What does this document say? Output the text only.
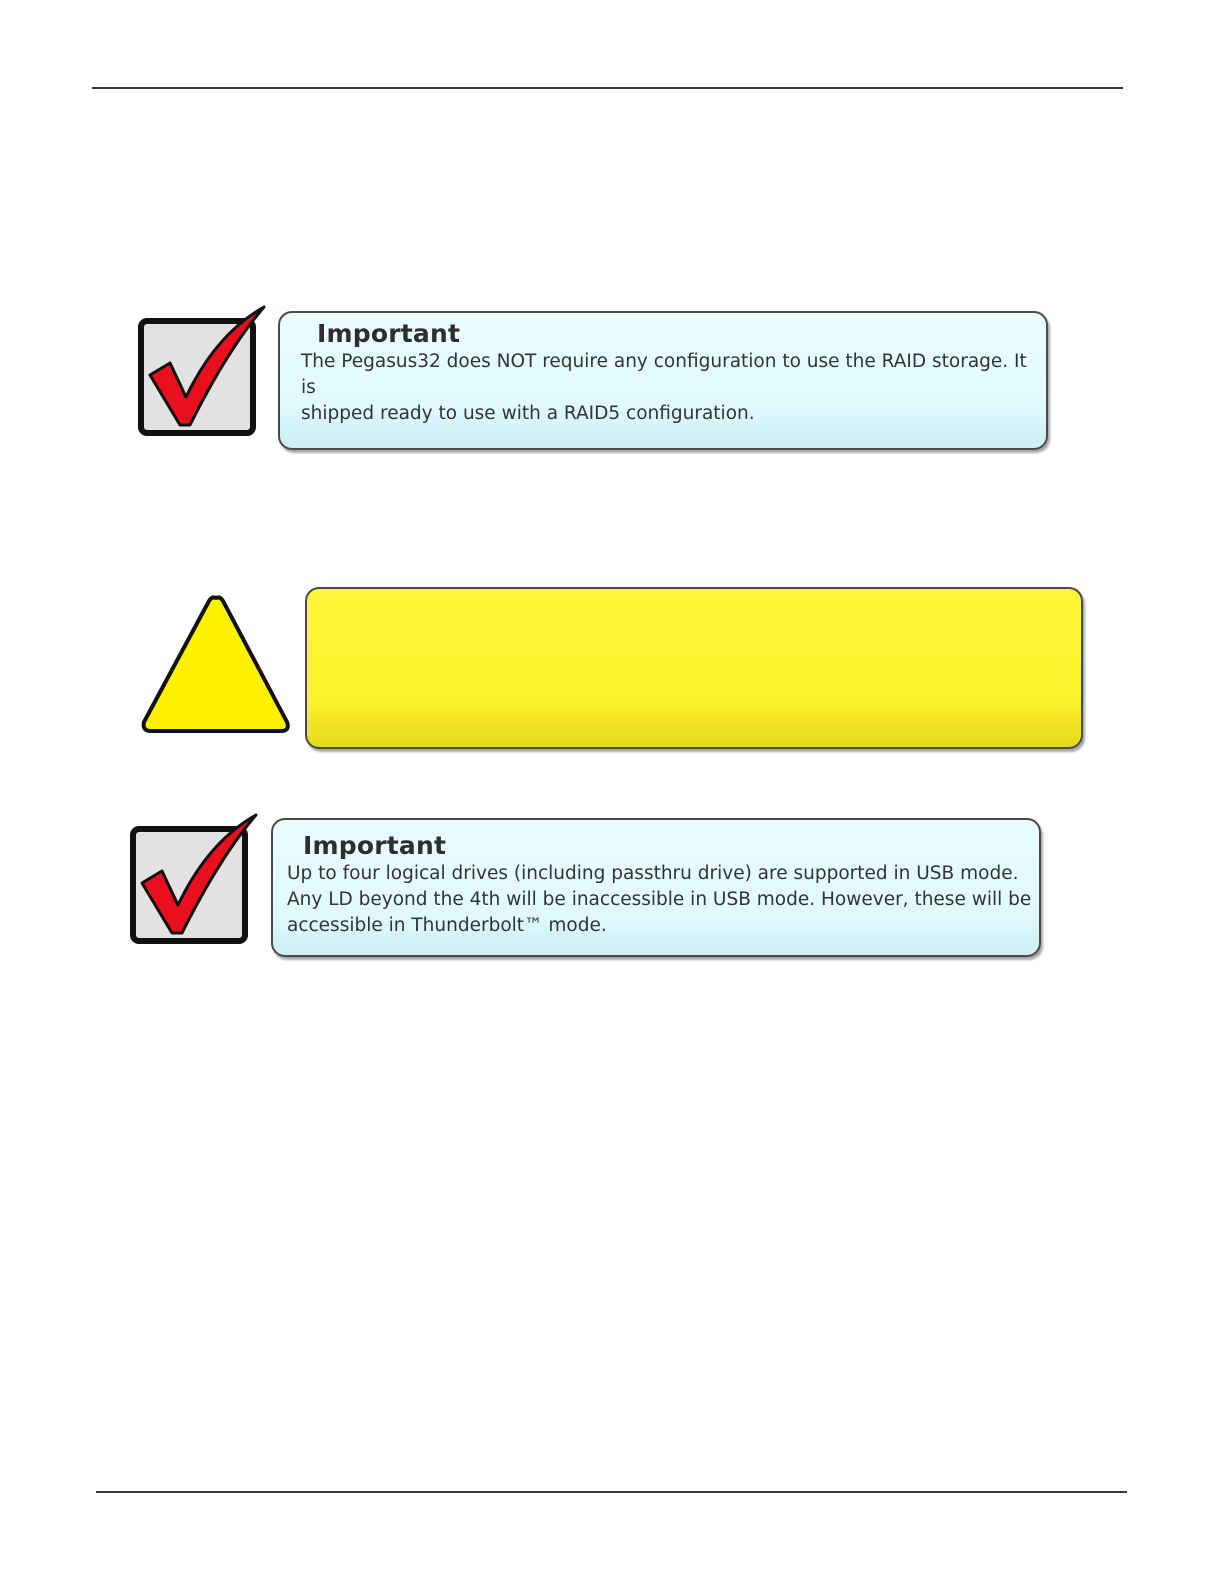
Important
The Pegasus32 does NOT require any configuration to use the RAID storage. It is
shipped ready to use with a RAID5 configuration.
Important
Up to four logical drives (including passthru drive) are supported in USB mode.
Any LD beyond the 4th will be inaccessible in USB mode. However, these will be
accessible in Thunderbolt™ mode.
